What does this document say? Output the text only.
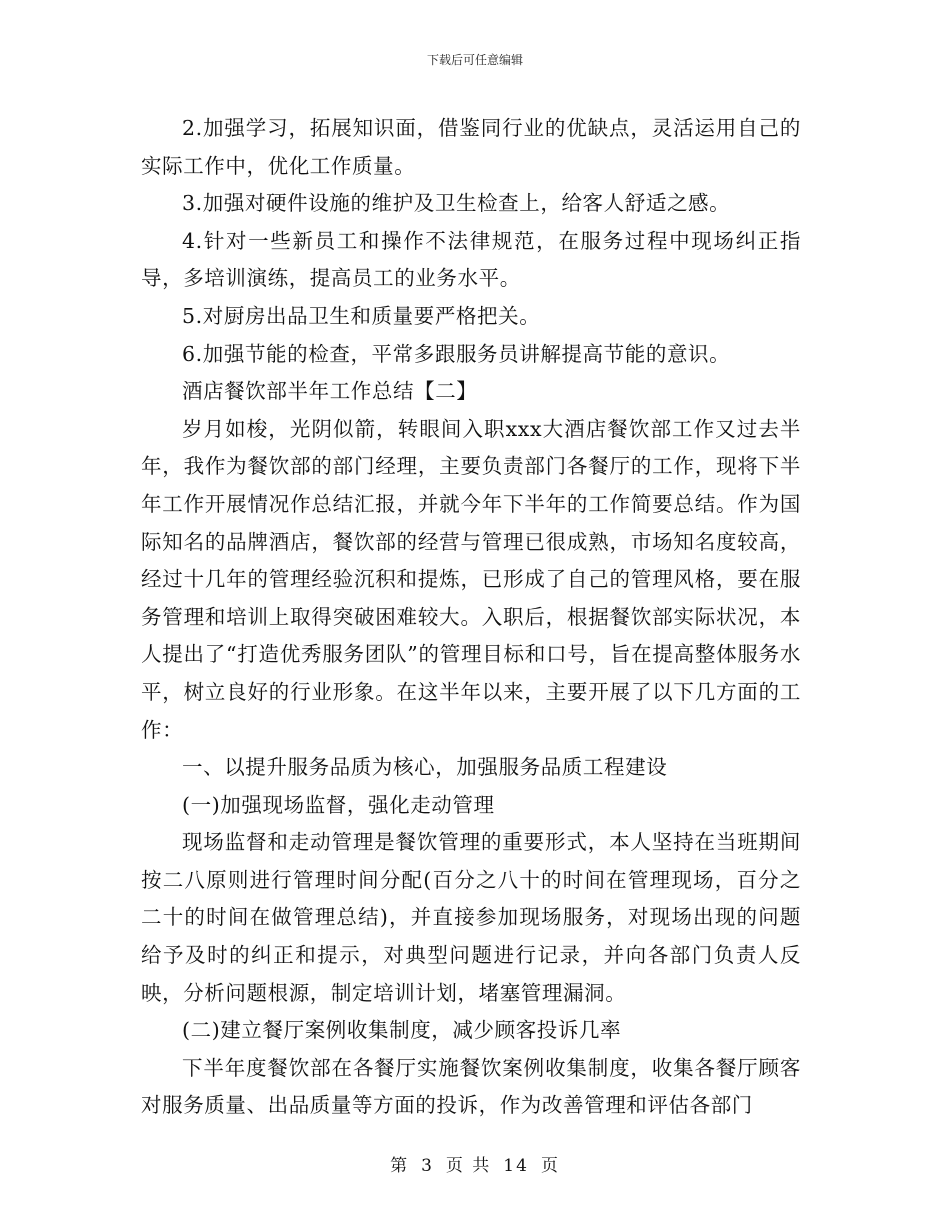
下载后可任意编辑

2.加强学习，拓展知识面，借鉴同行业的优缺点，灵活运用自己的实际工作中，优化工作质量。

3.加强对硬件设施的维护及卫生检查上，给客人舒适之感。

4.针对一些新员工和操作不法律规范，在服务过程中现场纠正指导，多培训演练，提高员工的业务水平。

5.对厨房出品卫生和质量要严格把关。

6.加强节能的检查，平常多跟服务员讲解提高节能的意识。

酒店餐饮部半年工作总结【二】

岁月如梭，光阴似箭，转眼间入职xxx大酒店餐饮部工作又过去半年，我作为餐饮部的部门经理，主要负责部门各餐厅的工作，现将下半年工作开展情况作总结汇报，并就今年下半年的工作简要总结。作为国际知名的品牌酒店，餐饮部的经营与管理已很成熟，市场知名度较高，经过十几年的管理经验沉积和提炼，已形成了自己的管理风格，要在服务管理和培训上取得突破困难较大。入职后，根据餐饮部实际状况，本人提出了“打造优秀服务团队”的管理目标和口号，旨在提高整体服务水平，树立良好的行业形象。在这半年以来，主要开展了以下几方面的工作：

一、以提升服务品质为核心，加强服务品质工程建设

(一)加强现场监督，强化走动管理

现场监督和走动管理是餐饮管理的重要形式，本人坚持在当班期间按二八原则进行管理时间分配(百分之八十的时间在管理现场，百分之二十的时间在做管理总结)，并直接参加现场服务，对现场出现的问题给予及时的纠正和提示，对典型问题进行记录，并向各部门负责人反映，分析问题根源，制定培训计划，堵塞管理漏洞。

(二)建立餐厅案例收集制度，减少顾客投诉几率

下半年度餐饮部在各餐厅实施餐饮案例收集制度，收集各餐厅顾客对服务质量、出品质量等方面的投诉，作为改善管理和评估各部门

第 3 页 共 14 页
